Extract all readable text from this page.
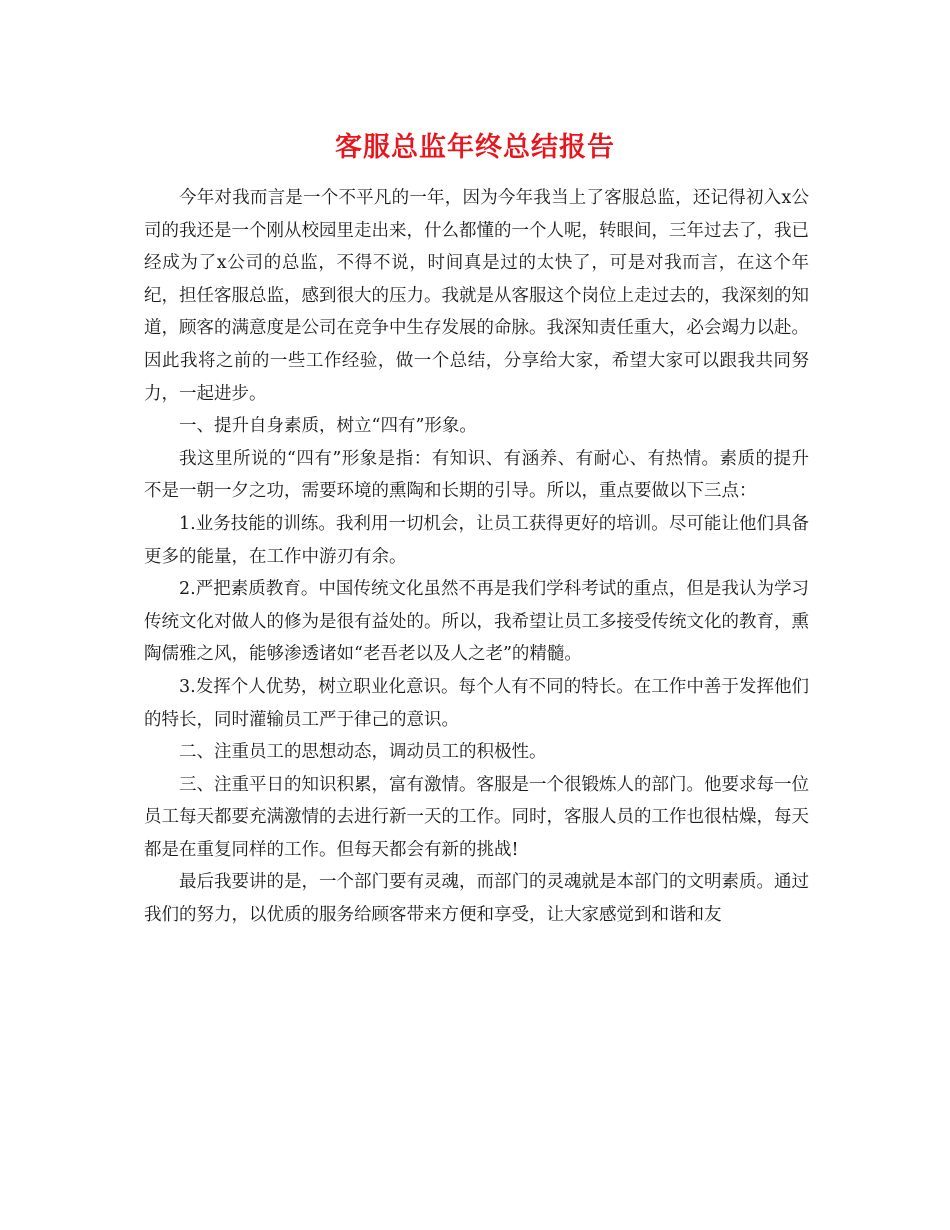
客服总监年终总结报告

今年对我而言是一个不平凡的一年，因为今年我当上了客服总监，还记得初入x公司的我还是一个刚从校园里走出来，什么都懂的一个人呢，转眼间，三年过去了，我已经成为了x公司的总监，不得不说，时间真是过的太快了，可是对我而言，在这个年纪，担任客服总监，感到很大的压力。我就是从客服这个岗位上走过去的，我深刻的知道，顾客的满意度是公司在竞争中生存发展的命脉。我深知责任重大，必会竭力以赴。因此我将之前的一些工作经验，做一个总结，分享给大家，希望大家可以跟我共同努力，一起进步。

一、提升自身素质，树立“四有”形象。

我这里所说的“四有”形象是指：有知识、有涵养、有耐心、有热情。素质的提升不是一朝一夕之功，需要环境的熏陶和长期的引导。所以，重点要做以下三点：

1.业务技能的训练。我利用一切机会，让员工获得更好的培训。尽可能让他们具备更多的能量，在工作中游刃有余。

2.严把素质教育。中国传统文化虽然不再是我们学科考试的重点，但是我认为学习传统文化对做人的修为是很有益处的。所以，我希望让员工多接受传统文化的教育，熏陶儒雅之风，能够渗透诸如“老吾老以及人之老”的精髓。

3.发挥个人优势，树立职业化意识。每个人有不同的特长。在工作中善于发挥他们的特长，同时灌输员工严于律己的意识。

二、注重员工的思想动态，调动员工的积极性。

三、注重平日的知识积累，富有激情。客服是一个很锻炼人的部门。他要求每一位员工每天都要充满激情的去进行新一天的工作。同时，客服人员的工作也很枯燥，每天都是在重复同样的工作。但每天都会有新的挑战!

最后我要讲的是，一个部门要有灵魂，而部门的灵魂就是本部门的文明素质。通过我们的努力，以优质的服务给顾客带来方便和享受，让大家感觉到和谐和友
